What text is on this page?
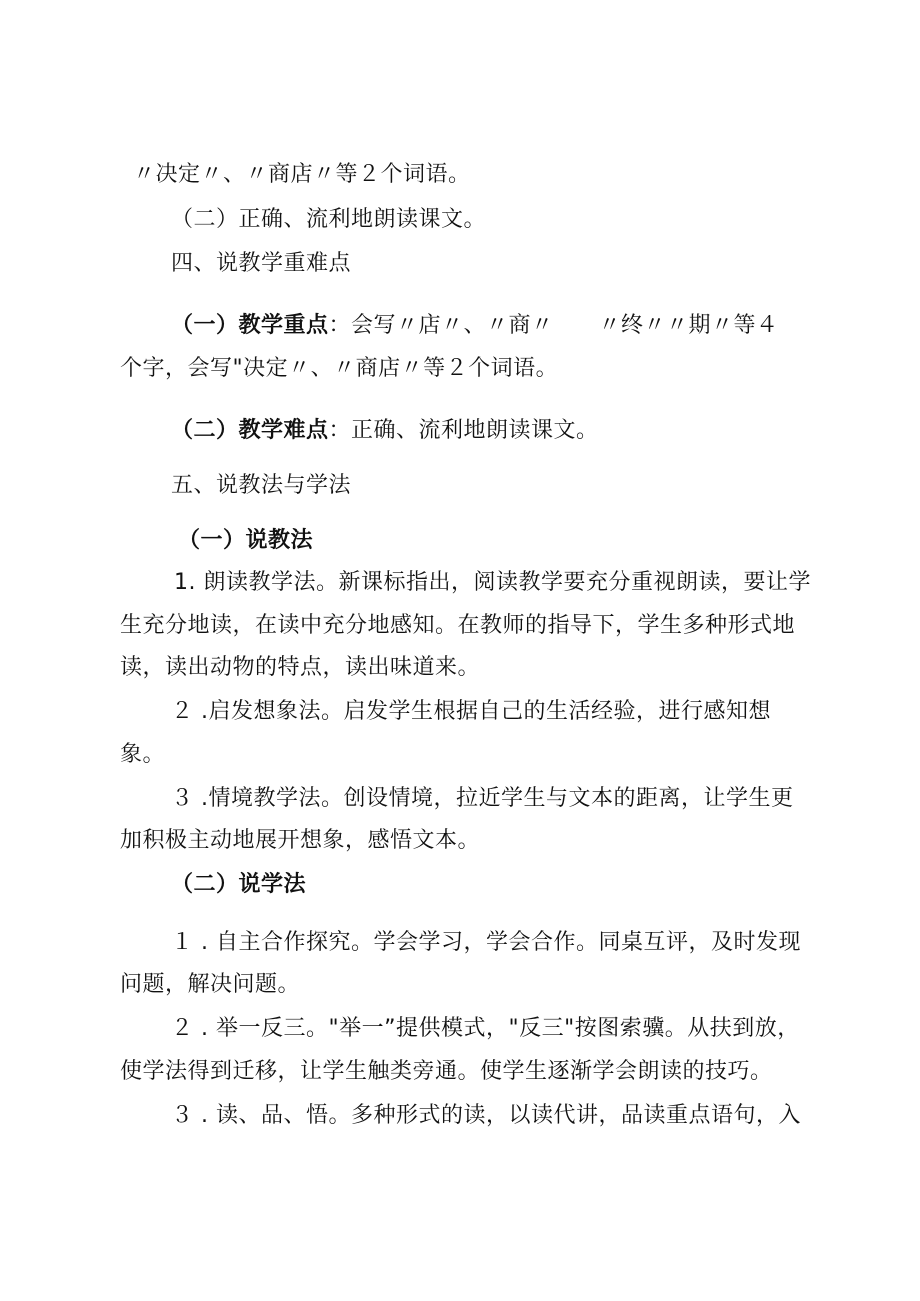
〃决定〃、〃商店〃等２个词语。
（二）正确、流利地朗读课文。
四、说教学重难点
（一）教学重点：会写〃店〃、〃商〃　　〃终〃〃期〃等４
个字，会写"决定〃、〃商店〃等２个词语。
（二）教学难点：正确、流利地朗读课文。
五、说教法与学法
（一）说教法
1. 朗读教学法。新课标指出，阅读教学要充分重视朗读，要让学
生充分地读，在读中充分地感知。在教师的指导下，学生多种形式地
读，读出动物的特点，读出味道来。
２ .启发想象法。启发学生根据自己的生活经验，进行感知想
象。
３ .情境教学法。创设情境，拉近学生与文本的距离，让学生更
加积极主动地展开想象，感悟文本。
（二）说学法
１ . 自主合作探究。学会学习，学会合作。同桌互评，及时发现
问题，解决问题。
２ . 举一反三。"举一”提供模式，"反三"按图索骥。从扶到放，
使学法得到迁移，让学生触类旁通。使学生逐渐学会朗读的技巧。
３ . 读、品、悟。多种形式的读，以读代讲，品读重点语句，入
